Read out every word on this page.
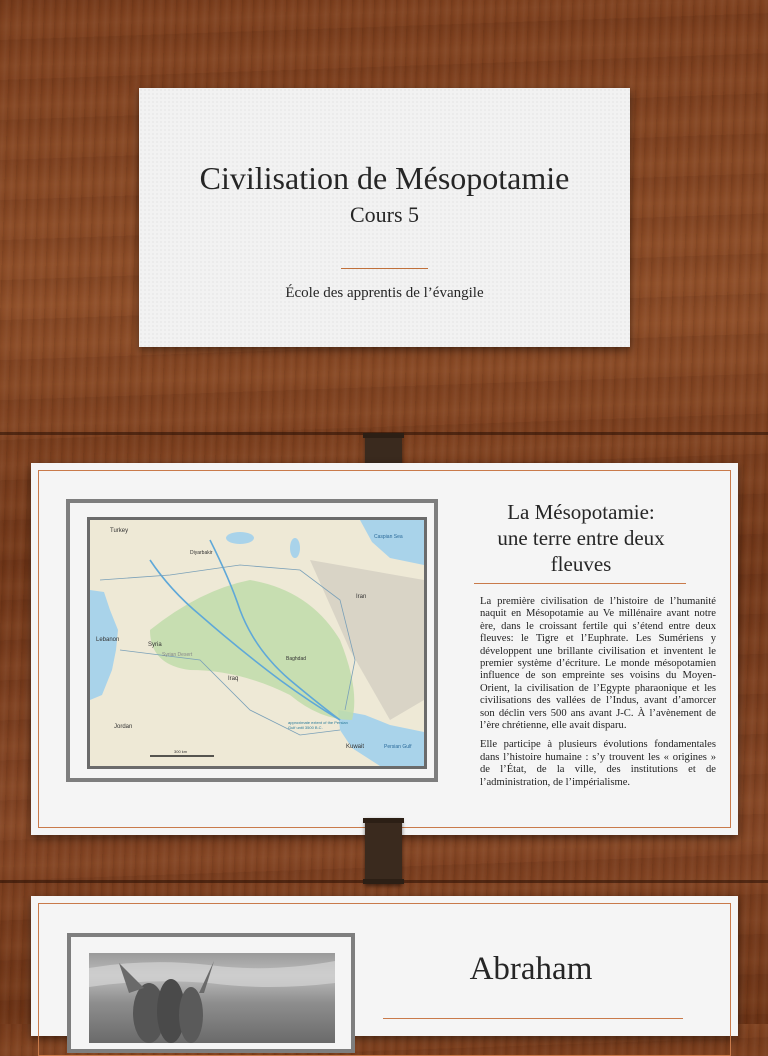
Civilisation de Mésopotamie
Cours 5
École des apprentis de l’évangile
Turkey
Caspian Sea
Diyarbakir
Iran
Lebanon
Syria
Syrian Desert
Iraq
Jordan
Kuwait	Persian Gulf
Baghdad
approximate extent of the Persian Gulf until 3500 B.C.
300 km
La Mésopotamie:
une terre entre deux
fleuves

La première civilisation de l’histoire de l’humanité naquit en Mésopotamie au Ve millénaire avant notre ère, dans le croissant fertile qui s’étend entre deux fleuves: le Tigre et l’Euphrate. Les Sumériens y développent une brillante civilisation et inventent le premier système d’écriture. Le monde mésopotamien influence de son empreinte ses voisins du Moyen-Orient, la civilisation de l’Egypte pharaonique et les civilisations des vallées de l’Indus, avant d’amorcer son déclin vers 500 ans avant J-C. À l’avènement de l’ère chrétienne, elle avait disparu.

Elle participe à plusieurs évolutions fondamentales dans l’histoire humaine : s’y trouvent les « origines » de l’État, de la ville, des institutions et de l’administration, de l’impérialisme.

Abraham
